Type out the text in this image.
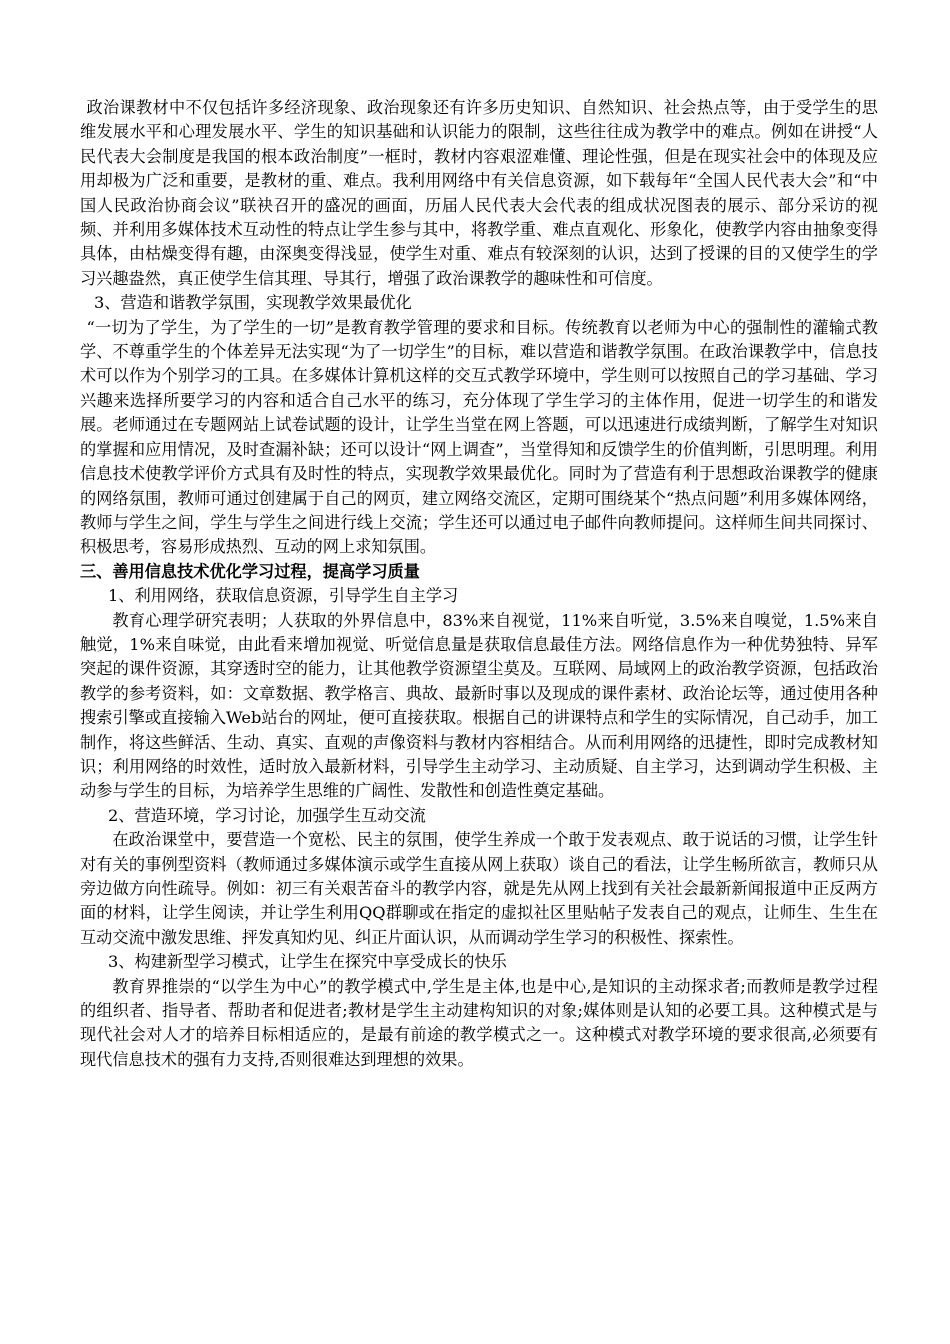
政治课教材中不仅包括许多经济现象、政治现象还有许多历史知识、自然知识、社会热点等，由于受学生的思维发展水平和心理发展水平、学生的知识基础和认识能力的限制，这些往往成为教学中的难点。例如在讲授“人民代表大会制度是我国的根本政治制度”一框时，教材内容艰涩难懂、理论性强，但是在现实社会中的体现及应用却极为广泛和重要，是教材的重、难点。我利用网络中有关信息资源，如下载每年“全国人民代表大会”和“中国人民政治协商会议”联袂召开的盛况的画面，历届人民代表大会代表的组成状况图表的展示、部分采访的视频、并利用多媒体技术互动性的特点让学生参与其中，将教学重、难点直观化、形象化，使教学内容由抽象变得具体，由枯燥变得有趣，由深奥变得浅显，使学生对重、难点有较深刻的认识，达到了授课的目的又使学生的学习兴趣盎然，真正使学生信其理、导其行，增强了政治课教学的趣味性和可信度。

3、营造和谐教学氛围，实现教学效果最优化

“一切为了学生，为了学生的一切”是教育教学管理的要求和目标。传统教育以老师为中心的强制性的灌输式教学、不尊重学生的个体差异无法实现“为了一切学生”的目标，难以营造和谐教学氛围。在政治课教学中，信息技术可以作为个别学习的工具。在多媒体计算机这样的交互式教学环境中，学生则可以按照自己的学习基础、学习兴趣来选择所要学习的内容和适合自己水平的练习，充分体现了学生学习的主体作用，促进一切学生的和谐发展。老师通过在专题网站上试卷试题的设计，让学生当堂在网上答题，可以迅速进行成绩判断，了解学生对知识的掌握和应用情况，及时查漏补缺；还可以设计“网上调查”，当堂得知和反馈学生的价值判断，引思明理。利用信息技术使教学评价方式具有及时性的特点，实现教学效果最优化。同时为了营造有利于思想政治课教学的健康的网络氛围，教师可通过创建属于自己的网页，建立网络交流区，定期可围绕某个“热点问题”利用多媒体网络，教师与学生之间，学生与学生之间进行线上交流；学生还可以通过电子邮件向教师提问。这样师生间共同探讨、积极思考，容易形成热烈、互动的网上求知氛围。

三、善用信息技术优化学习过程，提高学习质量

1、利用网络，获取信息资源，引导学生自主学习

教育心理学研究表明；人获取的外界信息中，83%来自视觉，11%来自听觉，3.5%来自嗅觉，1.5%来自触觉，1%来自味觉，由此看来增加视觉、听觉信息量是获取信息最佳方法。网络信息作为一种优势独特、异军突起的课件资源，其穿透时空的能力，让其他教学资源望尘莫及。互联网、局域网上的政治教学资源，包括政治教学的参考资料，如：文章数据、教学格言、典故、最新时事以及现成的课件素材、政治论坛等，通过使用各种搜索引擎或直接输入Web站台的网址，便可直接获取。根据自己的讲课特点和学生的实际情况，自己动手，加工制作，将这些鲜活、生动、真实、直观的声像资料与教材内容相结合。从而利用网络的迅捷性，即时完成教材知识；利用网络的时效性，适时放入最新材料，引导学生主动学习、主动质疑、自主学习，达到调动学生积极、主动参与学生的目标，为培养学生思维的广阔性、发散性和创造性奠定基础。

2、营造环境，学习讨论，加强学生互动交流

在政治课堂中，要营造一个宽松、民主的氛围，使学生养成一个敢于发表观点、敢于说话的习惯，让学生针对有关的事例型资料（教师通过多媒体演示或学生直接从网上获取）谈自己的看法，让学生畅所欲言，教师只从旁边做方向性疏导。例如：初三有关艰苦奋斗的教学内容，就是先从网上找到有关社会最新新闻报道中正反两方面的材料，让学生阅读，并让学生利用QQ群聊或在指定的虚拟社区里贴帖子发表自己的观点，让师生、生生在互动交流中激发思维、抨发真知灼见、纠正片面认识，从而调动学生学习的积极性、探索性。

3、构建新型学习模式，让学生在探究中享受成长的快乐

教育界推崇的“以学生为中心”的教学模式中,学生是主体,也是中心,是知识的主动探求者;而教师是教学过程的组织者、指导者、帮助者和促进者;教材是学生主动建构知识的对象;媒体则是认知的必要工具。这种模式是与现代社会对人才的培养目标相适应的，是最有前途的教学模式之一。这种模式对教学环境的要求很高,必须要有现代信息技术的强有力支持,否则很难达到理想的效果。
